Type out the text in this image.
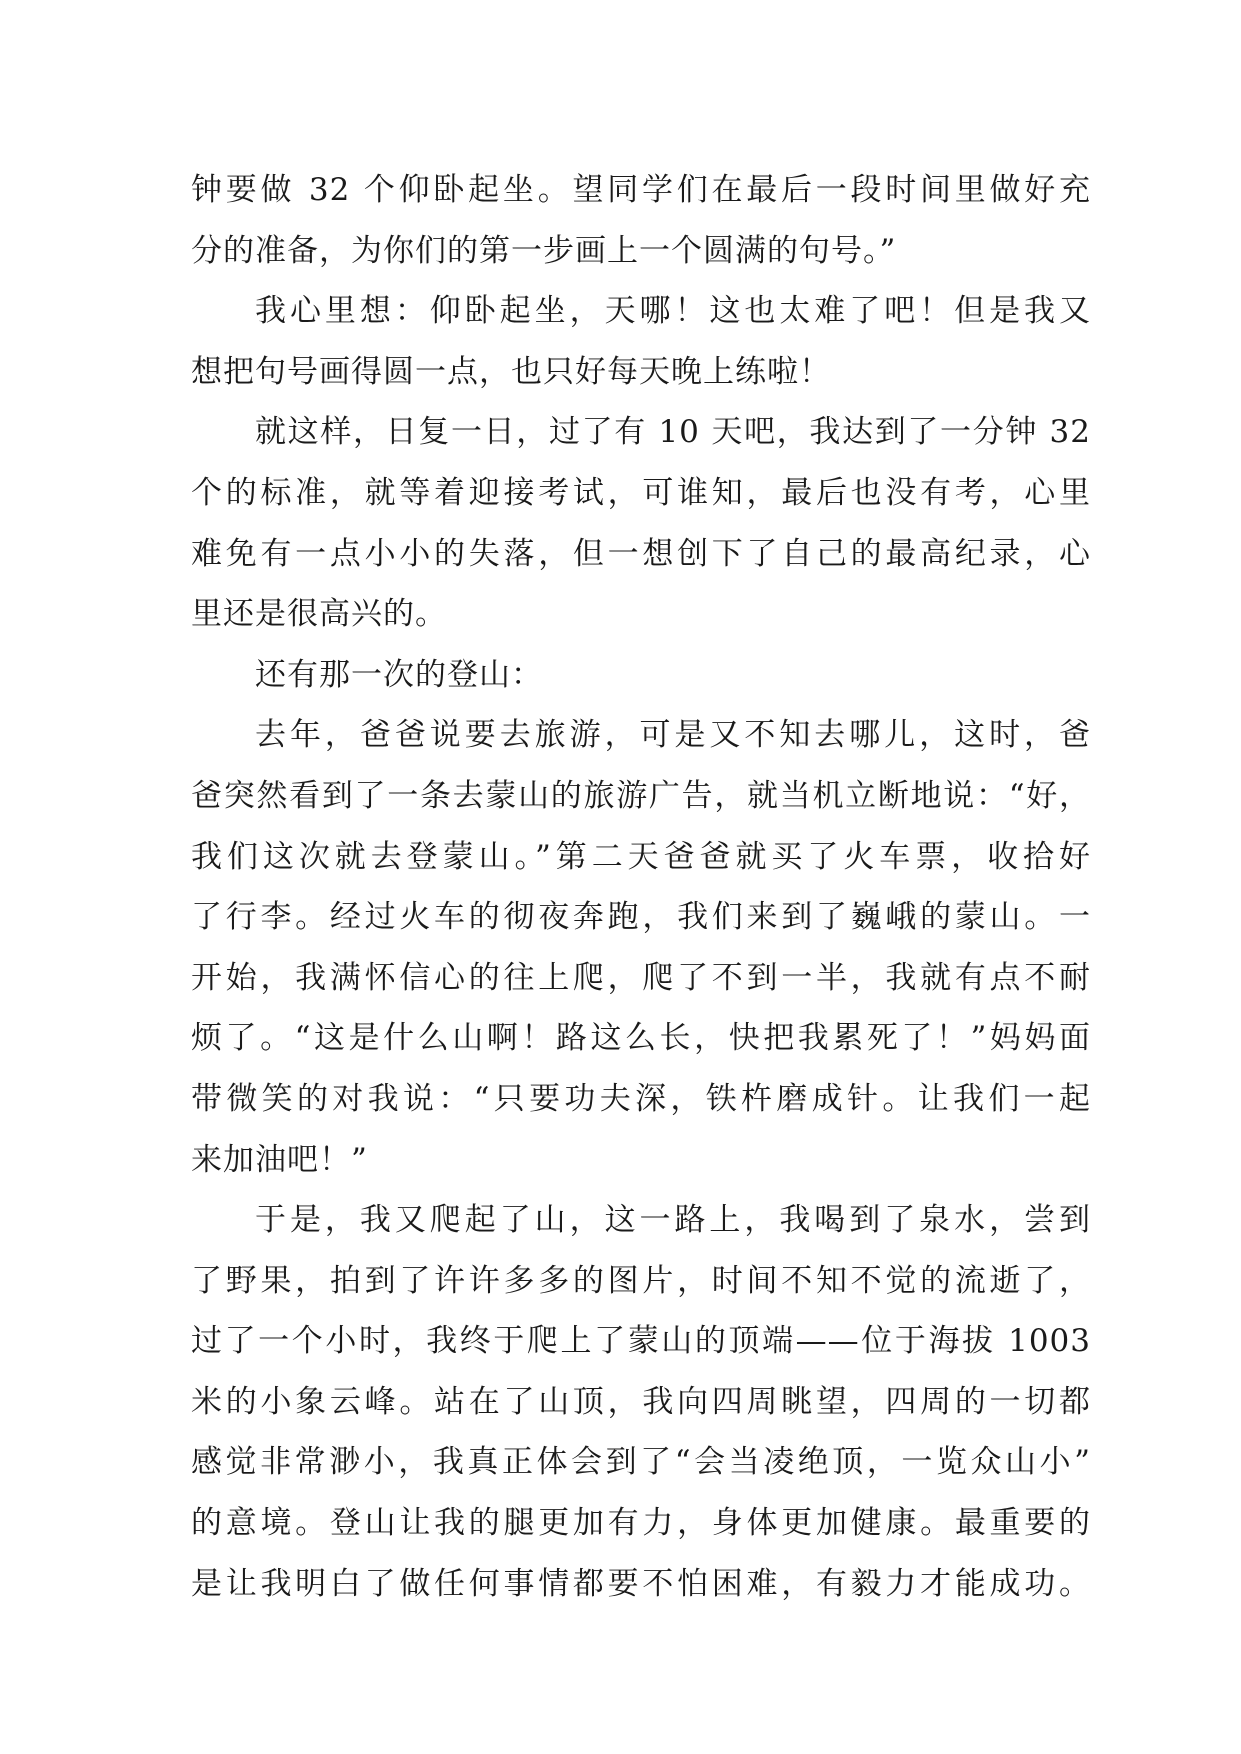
钟要做 32 个仰卧起坐。望同学们在最后一段时间里做好充
分的准备，为你们的第一步画上一个圆满的句号。”
我心里想：仰卧起坐，天哪！这也太难了吧！但是我又
想把句号画得圆一点，也只好每天晚上练啦！
就这样，日复一日，过了有 10 天吧，我达到了一分钟 32
个的标准，就等着迎接考试，可谁知，最后也没有考，心里
难免有一点小小的失落，但一想创下了自己的最高纪录，心
里还是很高兴的。
还有那一次的登山：
去年，爸爸说要去旅游，可是又不知去哪儿，这时，爸
爸突然看到了一条去蒙山的旅游广告，就当机立断地说：“好，
我们这次就去登蒙山。”第二天爸爸就买了火车票，收拾好
了行李。经过火车的彻夜奔跑，我们来到了巍峨的蒙山。一
开始，我满怀信心的往上爬，爬了不到一半，我就有点不耐
烦了。“这是什么山啊！路这么长，快把我累死了！”妈妈面
带微笑的对我说：“只要功夫深，铁杵磨成针。让我们一起
来加油吧！”
于是，我又爬起了山，这一路上，我喝到了泉水，尝到
了野果，拍到了许许多多的图片，时间不知不觉的流逝了，
过了一个小时，我终于爬上了蒙山的顶端——位于海拔 1003
米的小象云峰。站在了山顶，我向四周眺望，四周的一切都
感觉非常渺小，我真正体会到了“会当凌绝顶，一览众山小”
的意境。登山让我的腿更加有力，身体更加健康。最重要的
是让我明白了做任何事情都要不怕困难，有毅力才能成功。
